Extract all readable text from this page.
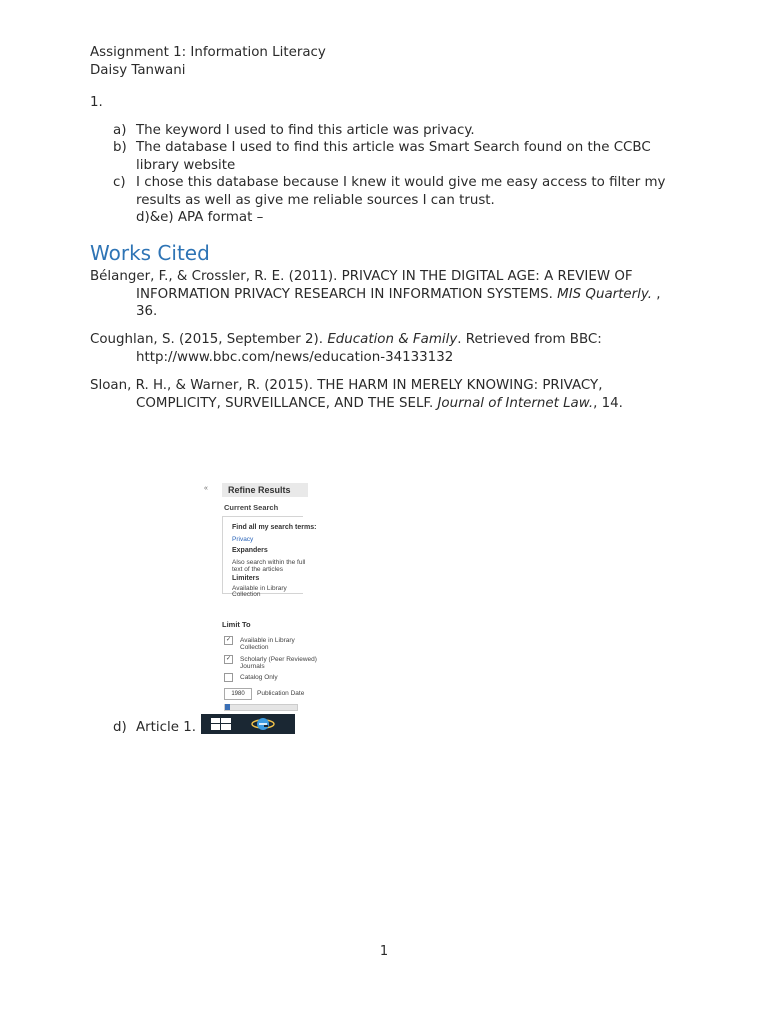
Assignment 1: Information Literacy
Daisy Tanwani
1.
a) The keyword I used to find this article was privacy.
b) The database I used to find this article was Smart Search found on the CCBC library website
c) I chose this database because I knew it would give me easy access to filter my results as well as give me reliable sources I can trust.
d)&e) APA format –
Works Cited
Bélanger, F., & Crossler, R. E. (2011). PRIVACY IN THE DIGITAL AGE: A REVIEW OF
INFORMATION PRIVACY RESEARCH IN INFORMATION SYSTEMS. MIS Quarterly. ,
36.
Coughlan, S. (2015, September 2). Education & Family. Retrieved from BBC:
http://www.bbc.com/news/education-34133132
Sloan, R. H., & Warner, R. (2015). THE HARM IN MERELY KNOWING: PRIVACY,
COMPLICITY, SURVEILLANCE, AND THE SELF. Journal of Internet Law., 14.
«	Refine Results
Current Search
Find all my search terms:
Privacy
Expanders
Also search within the full
text of the articles
Limiters
Available in Library
Collection
Limit To
✓	Available in Library
Collection
✓	Scholarly (Peer Reviewed)
Journals
Catalog Only
1980	Publication Date
d) Article 1.
1
